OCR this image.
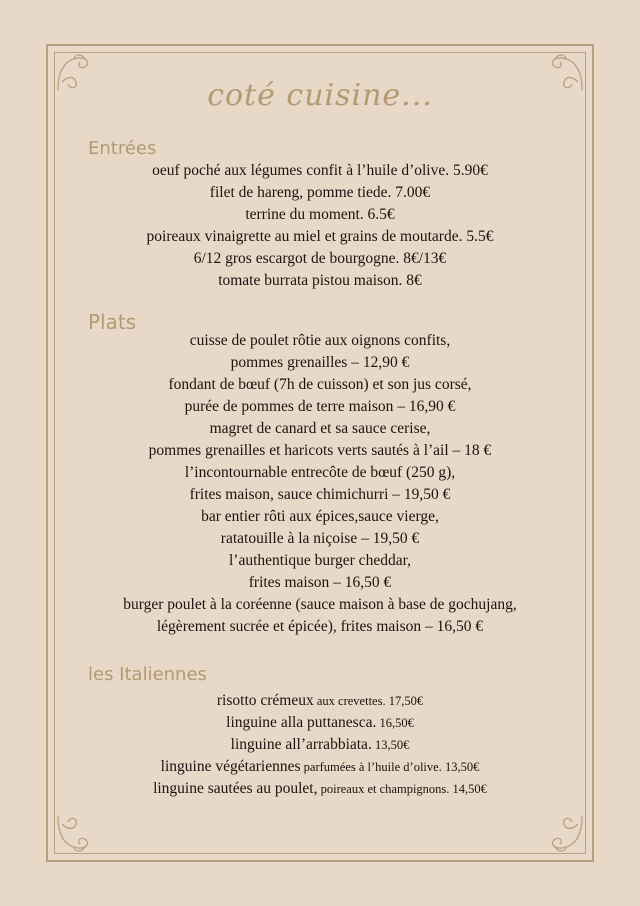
coté cuisine...
Entrées
oeuf poché aux légumes confit à l’huile d’olive. 5.90€
filet de hareng, pomme tiede. 7.00€
terrine du moment. 6.5€
poireaux vinaigrette au miel et grains de moutarde. 5.5€
6/12 gros escargot de bourgogne. 8€/13€
tomate burrata pistou maison. 8€
Plats
cuisse de poulet rôtie aux oignons confits,
pommes grenailles – 12,90 €
fondant de bœuf (7h de cuisson) et son jus corsé,
purée de pommes de terre maison – 16,90 €
magret de canard et sa sauce cerise,
pommes grenailles et haricots verts sautés à l’ail – 18 €
l’incontournable entrecôte de bœuf (250 g),
frites maison, sauce chimichurri – 19,50 €
bar entier rôti aux épices,sauce vierge,
ratatouille à la niçoise – 19,50 €
l’authentique burger cheddar,
frites maison – 16,50 €
burger poulet à la coréenne (sauce maison à base de gochujang,
légèrement sucrée et épicée), frites maison – 16,50 €
les Italiennes
risotto crémeux aux crevettes. 17,50€
linguine alla puttanesca. 16,50€
linguine all’arrabbiata. 13,50€
linguine végétariennes parfumées à l’huile d’olive. 13,50€
linguine sautées au poulet, poireaux et champignons. 14,50€
